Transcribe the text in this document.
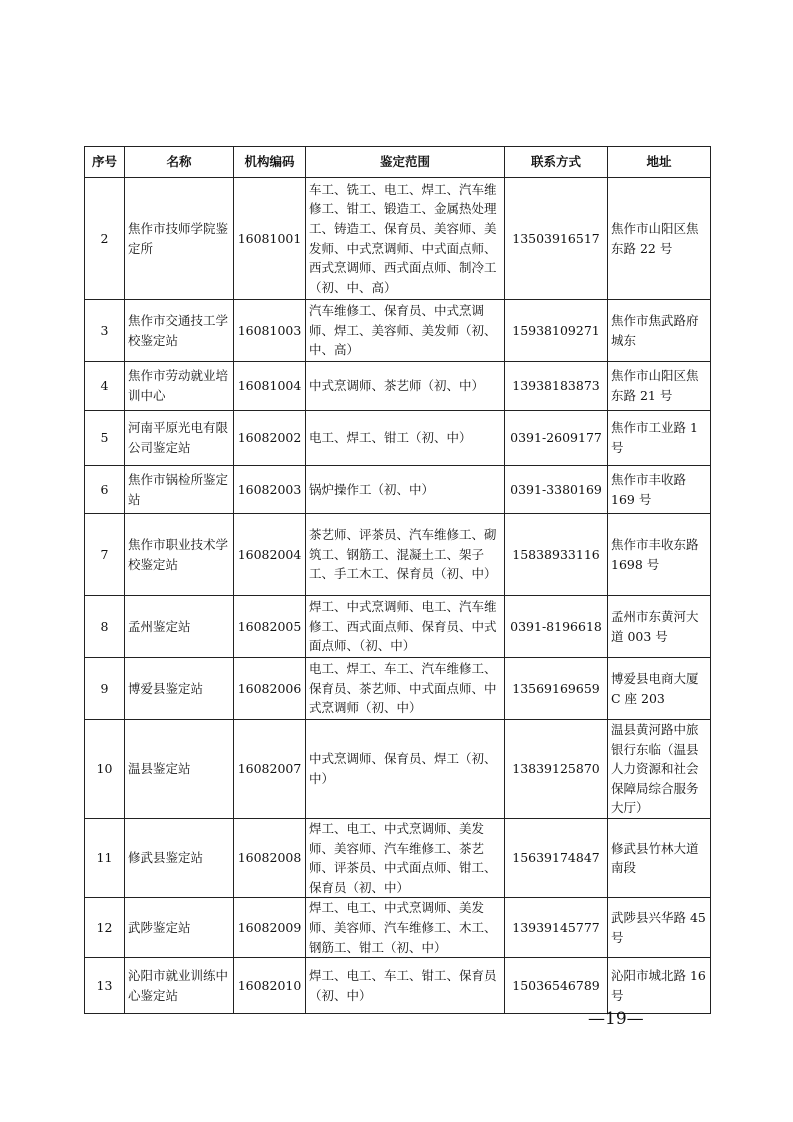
序号	名称	机构编码	鉴定范围	联系方式	地址
2	焦作市技师学院鉴定所	16081001	车工、铣工、电工、焊工、汽车维修工、钳工、锻造工、金属热处理工、铸造工、保育员、美容师、美发师、中式烹调师、中式面点师、西式烹调师、西式面点师、制冷工（初、中、高）	13503916517	焦作市山阳区焦东路 22 号
3	焦作市交通技工学校鉴定站	16081003	汽车维修工、保育员、中式烹调师、焊工、美容师、美发师（初、中、高）	15938109271	焦作市焦武路府城东
4	焦作市劳动就业培训中心	16081004	中式烹调师、茶艺师（初、中）	13938183873	焦作市山阳区焦东路 21 号
5	河南平原光电有限公司鉴定站	16082002	电工、焊工、钳工（初、中）	0391-2609177	焦作市工业路 1 号
6	焦作市锅检所鉴定站	16082003	锅炉操作工（初、中）	0391-3380169	焦作市丰收路 169 号
7	焦作市职业技术学校鉴定站	16082004	茶艺师、评茶员、汽车维修工、砌筑工、钢筋工、混凝土工、架子工、手工木工、保育员（初、中）	15838933116	焦作市丰收东路 1698 号
8	孟州鉴定站	16082005	焊工、中式烹调师、电工、汽车维修工、西式面点师、保育员、中式面点师、（初、中）	0391-8196618	孟州市东黄河大道 003 号
9	博爱县鉴定站	16082006	电工、焊工、车工、汽车维修工、保育员、茶艺师、中式面点师、中式烹调师（初、中）	13569169659	博爱县电商大厦 C 座 203
10	温县鉴定站	16082007	中式烹调师、保育员、焊工（初、中）	13839125870	温县黄河路中旅银行东临（温县人力资源和社会保障局综合服务大厅）
11	修武县鉴定站	16082008	焊工、电工、中式烹调师、美发师、美容师、汽车维修工、茶艺师、评茶员、中式面点师、钳工、保育员（初、中）	15639174847	修武县竹林大道南段
12	武陟鉴定站	16082009	焊工、电工、中式烹调师、美发师、美容师、汽车维修工、木工、钢筋工、钳工（初、中）	13939145777	武陟县兴华路 45 号
13	沁阳市就业训练中心鉴定站	16082010	焊工、电工、车工、钳工、保育员（初、中）	15036546789	沁阳市城北路 16 号
—19—
